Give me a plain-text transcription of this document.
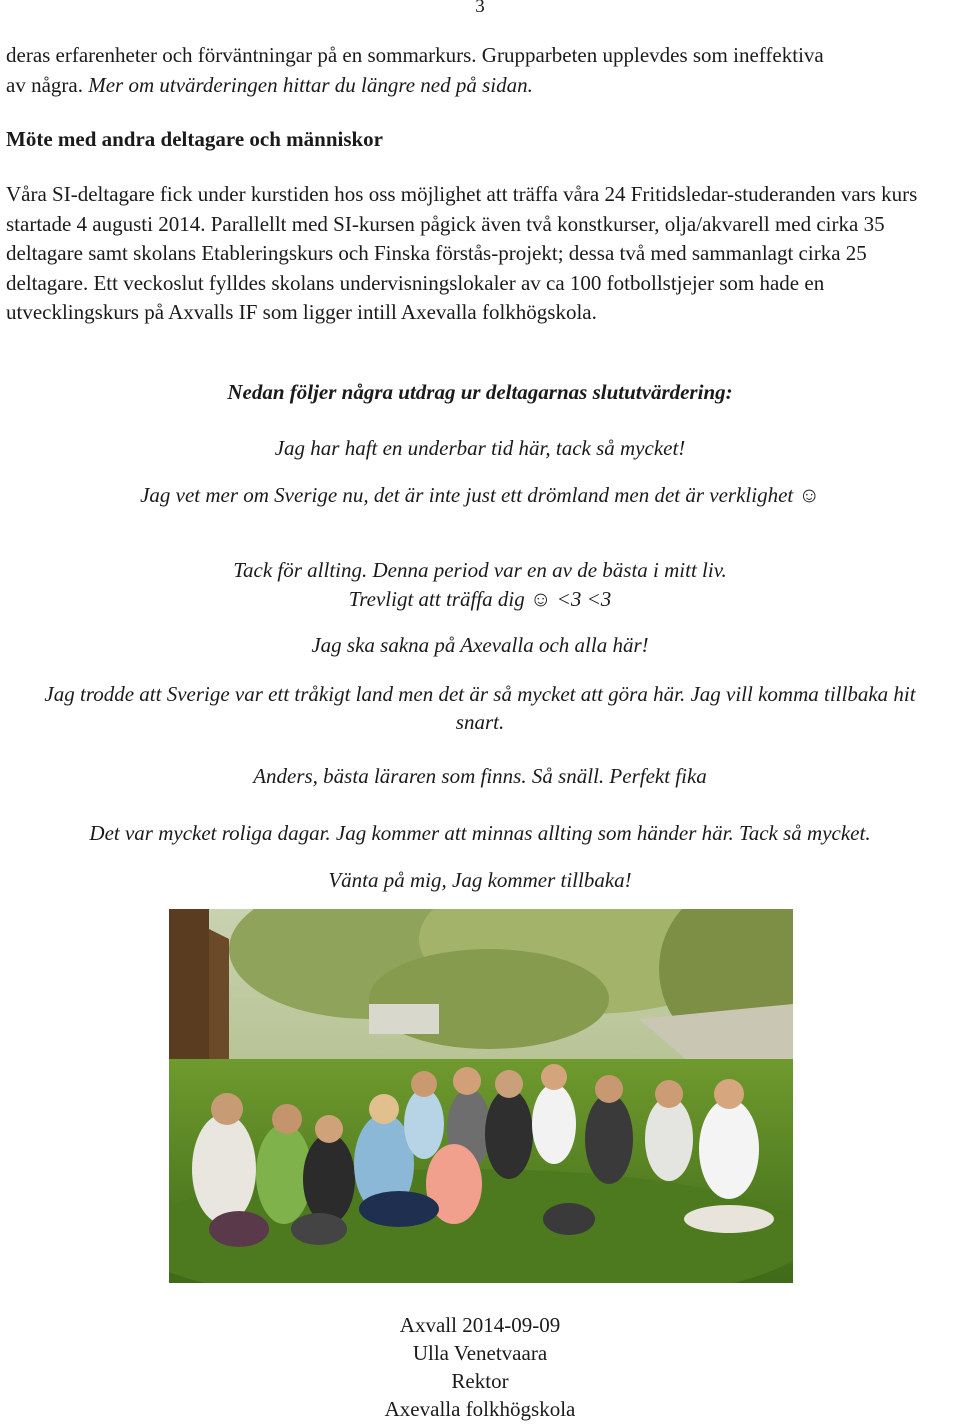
3
deras erfarenheter och förväntningar på en sommarkurs. Grupparbeten upplevdes som ineffektiva
av några. Mer om utvärderingen hittar du längre ned på sidan.
Möte med andra deltagare och människor
Våra SI-deltagare fick under kurstiden hos oss möjlighet att träffa våra 24 Fritidsledar-studeranden vars kurs startade 4 augusti 2014. Parallellt med SI-kursen pågick även två konstkurser, olja/akvarell med cirka 35 deltagare samt skolans Etableringskurs och Finska förstås-projekt; dessa två med sammanlagt cirka 25 deltagare. Ett veckoslut fylldes skolans undervisningslokaler av ca 100 fotbollstjejer som hade en utvecklingskurs på Axvalls IF som ligger intill Axevalla folkhögskola.
Nedan följer några utdrag ur deltagarnas slututvärdering:
Jag har haft en underbar tid här, tack så mycket!
Jag vet mer om Sverige nu, det är inte just ett drömland men det är verklighet ☺
Tack för allting. Denna period var en av de bästa i mitt liv.
Trevligt att träffa dig ☺ <3 <3
Jag ska sakna på Axevalla och alla här!
Jag trodde att Sverige var ett tråkigt land men det är så mycket att göra här. Jag vill komma tillbaka hit snart.
Anders, bästa läraren som finns. Så snäll. Perfekt fika
Det var mycket roliga dagar. Jag kommer att minnas allting som händer här. Tack så mycket.
Vänta på mig, Jag kommer tillbaka!
Axvall 2014-09-09
Ulla Venetvaara
Rektor
Axevalla folkhögskola
